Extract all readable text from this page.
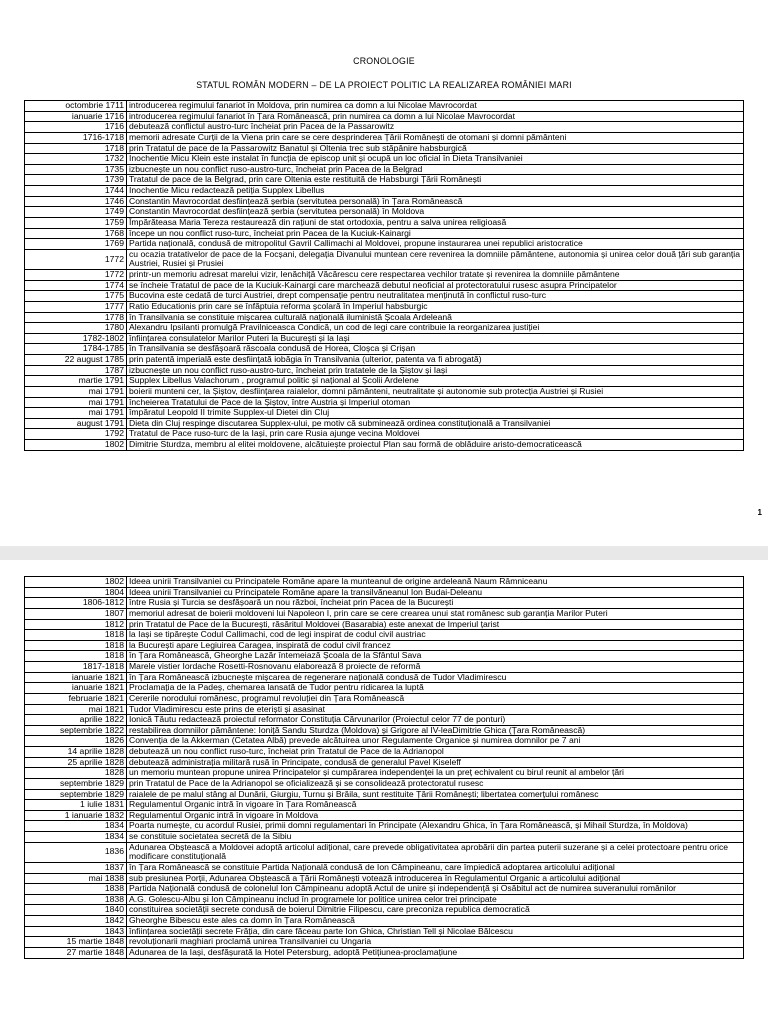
CRONOLOGIE
STATUL ROMÂN MODERN – DE LA PROIECT POLITIC LA REALIZAREA ROMÂNIEI MARI
octombrie 1711	introducerea regimului fanariot în Moldova, prin numirea ca domn a lui Nicolae Mavrocordat
ianuarie 1716	introducerea regimului fanariot în Țara Românească, prin numirea ca domn a lui Nicolae Mavrocordat
1716	debutează conflictul austro-turc încheiat prin Pacea de la Passarowitz
1716-1718	memorii adresate Curții de la Viena prin care se cere desprinderea Țării Românești de otomani și domni pământeni
1718	prin Tratatul de pace de la Passarowitz Banatul și Oltenia trec sub stăpânire habsburgică
1732	Inochentie Micu Klein este instalat în funcția de episcop unit și ocupă un loc oficial în Dieta Transilvaniei
1735	izbucnește un nou conflict ruso-austro-turc, încheiat prin Pacea de la Belgrad
1739	Tratatul de pace de la Belgrad, prin care Oltenia este restituită de Habsburgi Țării Românești
1744	Inochentie Micu redactează petiția Supplex Libellus
1746	Constantin Mavrocordat desființează șerbia (servitutea personală) în Țara Românească
1749	Constantin Mavrocordat desființează șerbia (servitutea personală) în Moldova
1759	Împărăteasa Maria Tereza restaurează din rațiuni de stat ortodoxia, pentru a salva unirea religioasă
1768	începe un nou conflict ruso-turc, încheiat prin Pacea de la Kuciuk-Kainargi
1769	Partida națională, condusă de mitropolitul Gavril Callimachi al Moldovei, propune instaurarea unei republici aristocratice
1772	cu ocazia tratativelor de pace de la Focșani, delegația Divanului muntean cere revenirea la domniile pământene, autonomia și unirea celor două țări sub garanția Austriei, Rusiei și Prusiei
1772	printr-un memoriu adresat marelui vizir, Ienăchiță Văcărescu cere respectarea vechilor tratate și revenirea la domniile pământene
1774	se încheie Tratatul de pace de la Kuciuk-Kainargi care marchează debutul neoficial al protectoratului rusesc asupra Principatelor
1775	Bucovina este cedată de turci Austriei, drept compensație pentru neutralitatea menținută în conflictul ruso-turc
1777	Ratio Educationis prin care se înfăptuia reforma școlară în Imperiul habsburgic
1778	în Transilvania se constituie mișcarea culturală națională iluministă Școala Ardeleană
1780	Alexandru Ipsilanti promulgă Pravilniceasca Condică, un cod de legi care contribuie la reorganizarea justiției
1782-1802	înființarea consulatelor Marilor Puteri la București și la Iași
1784-1785	în Transilvania se desfășoară răscoala condusă de Horea, Cloșca și Crișan
22 august 1785	prin patentă imperială este desființată iobăgia în Transilvania (ulterior, patenta va fi abrogată)
1787	izbucnește un nou conflict ruso-austro-turc, încheiat prin tratatele de la Șiștov și Iași
martie 1791	Supplex Libellus Valachorum , programul politic și național al Școlii Ardelene
mai 1791	boierii munteni cer, la Șiștov, desființarea raialelor, domni pământeni, neutralitate și autonomie sub protecția Austriei și Rusiei
mai 1791	încheierea Tratatului de Pace de la Șiștov, între Austria și Imperiul otoman
mai 1791	împăratul Leopold II trimite Supplex-ul Dietei din Cluj
august 1791	Dieta din Cluj respinge discutarea Supplex-ului, pe motiv că subminează ordinea constituțională a Transilvaniei
1792	Tratatul de Pace ruso-turc de la Iași, prin care Rusia ajunge vecina Moldovei
1802	Dimitrie Sturdza, membru al elitei moldovene, alcătuiește proiectul Plan sau formă de oblăduire aristo-democraticească
1
1802	Ideea unirii Transilvaniei cu Principatele Române apare la munteanul de origine ardeleană Naum Râmniceanu
1804	Ideea unirii Transilvaniei cu Principatele Române apare la transilvăneanul Ion Budai-Deleanu
1806-1812	între Rusia și Turcia se desfășoară un nou război, încheiat prin Pacea de la București
1807	memoriul adresat de boierii moldoveni lui Napoleon I, prin care se cere crearea unui stat românesc sub garanția Marilor Puteri
1812	prin Tratatul de Pace de la București, răsăritul Moldovei (Basarabia) este anexat de Imperiul țarist
1818	la Iași se tipărește Codul Callimachi, cod de legi inspirat de codul civil austriac
1818	la București apare Legiuirea Caragea, inspirată de codul civil francez
1818	în Țara Românească, Gheorghe Lazăr întemeiază Școala de la Sfântul Sava
1817-1818	Marele vistier Iordache Rosetti-Rosnovanu elaborează 8 proiecte de reformă
ianuarie 1821	în Țara Românească izbucnește mișcarea de regenerare națională condusă de Tudor Vladimirescu
ianuarie 1821	Proclamația de la Padeș, chemarea lansată de Tudor pentru ridicarea la luptă
februarie 1821	Cererile norodului românesc, programul revoluției din Țara Românească
mai 1821	Tudor Vladimirescu este prins de eteriști și asasinat
aprilie 1822	Ionică Tăutu redactează proiectul reformator Constituția Cărvunarilor (Proiectul celor 77 de ponturi)
septembrie 1822	restabilirea domniilor pământene: Ioniță Sandu Sturdza (Moldova) și Grigore al IV-leaDimitrie Ghica (Țara Românească)
1826	Convenția de la Akkerman (Cetatea Albă) prevede alcătuirea unor Regulamente Organice și numirea domnilor pe 7 ani
14 aprilie 1828	debutează un nou conflict ruso-turc, încheiat prin Tratatul de Pace de la Adrianopol
25 aprilie 1828	debutează administrația militară rusă în Principate, condusă de generalul Pavel Kiseleff
1828	un memoriu muntean propune unirea Principatelor și cumpărarea independenței la un preț echivalent cu birul reunit al ambelor țări
septembrie 1829	prin Tratatul de Pace de la Adrianopol se oficializează și se consolidează protectoratul rusesc
septembrie 1829	raialele de pe malul stâng al Dunării, Giurgiu, Turnu și Brăila, sunt restituite Țării Românești; libertatea comerțului românesc
1 iulie 1831	Regulamentul Organic intră în vigoare în Țara Românească
1 ianuarie 1832	Regulamentul Organic intră în vigoare în Moldova
1834	Poarta numește, cu acordul Rusiei, primii domni regulamentari în Principate (Alexandru Ghica, în Țara Românească, și Mihail Sturdza, în Moldova)
1834	se constituie societatea secretă de la Sibiu
1836	Adunarea Obștească a Moldovei adoptă articolul adițional, care prevede obligativitatea aprobării din partea puterii suzerane și a celei protectoare pentru orice modificare constituțională
1837	în Țara Românească se constituie Partida Națională condusă de Ion Câmpineanu, care împiedică adoptarea articolului adițional
mai 1838	sub presiunea Porții, Adunarea Obștească a Țării Românești votează introducerea în Regulamentul Organic a articolului adițional
1838	Partida Națională condusă de colonelul Ion Câmpineanu adoptă Actul de unire și independență și Osăbitul act de numirea suveranului românilor
1838	A.G. Golescu-Albu și Ion Câmpineanu includ în programele lor politice unirea celor trei principate
1840	constituirea societății secrete condusă de boierul Dimitrie Filipescu, care preconiza republica democratică
1842	Gheorghe Bibescu este ales ca domn în Țara Românească
1843	înființarea societății secrete Frăția, din care făceau parte Ion Ghica, Christian Tell și Nicolae Bălcescu
15 martie 1848	revoluționarii maghiari proclamă unirea Transilvaniei cu Ungaria
27 martie 1848	Adunarea de la Iași, desfășurată la Hotel Petersburg, adoptă Petițiunea-proclamațiune
